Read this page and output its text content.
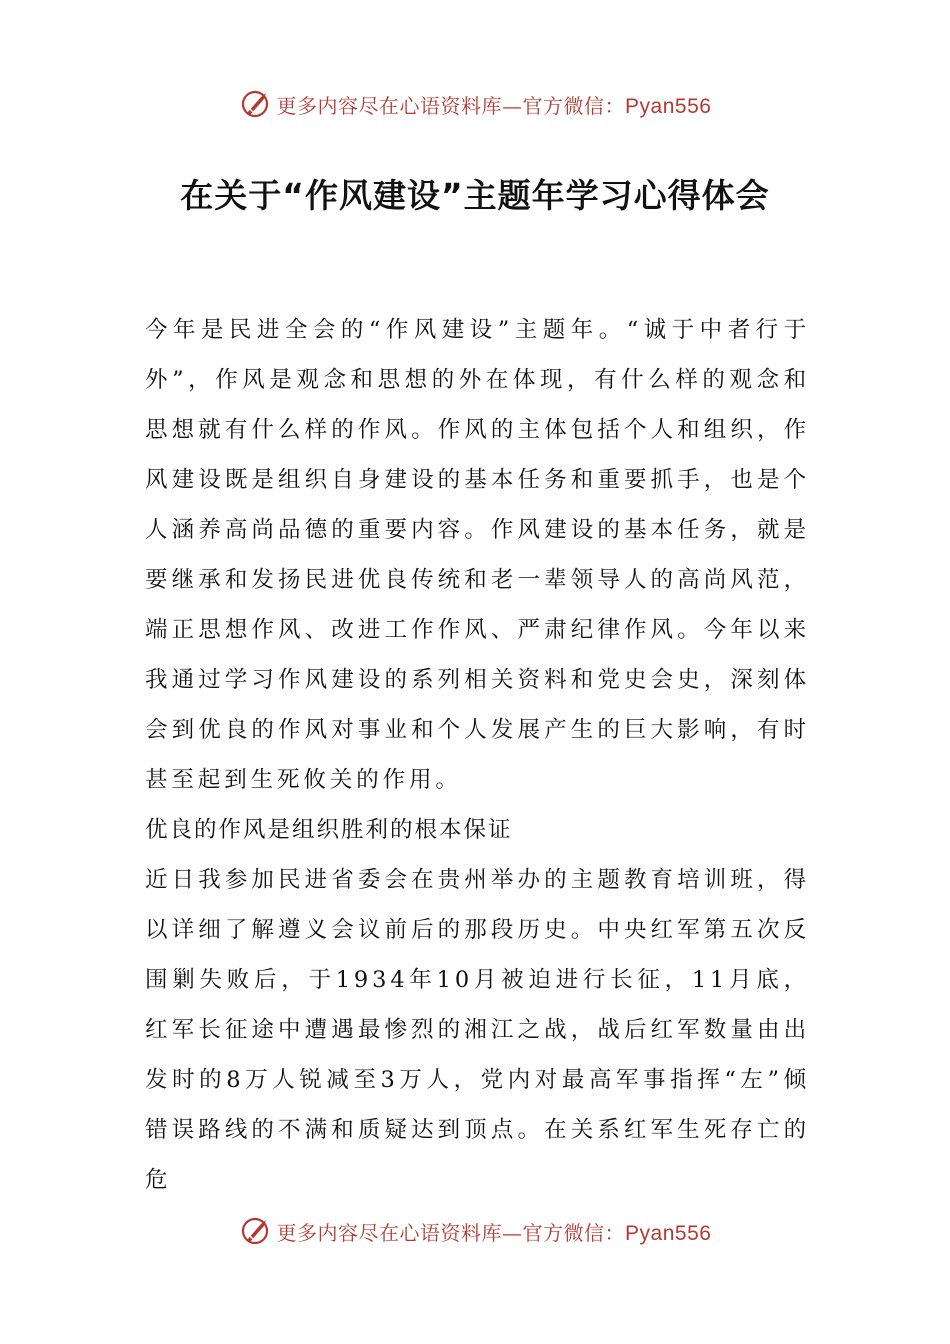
更多内容尽在心语资料库—官方微信：Pyan556
在关于“作风建设”主题年学习心得体会

今年是民进全会的“作风建设”主题年。“诚于中者行于外”，作风是观念和思想的外在体现，有什么样的观念和思想就有什么样的作风。作风的主体包括个人和组织，作风建设既是组织自身建设的基本任务和重要抓手，也是个人涵养高尚品德的重要内容。作风建设的基本任务，就是要继承和发扬民进优良传统和老一辈领导人的高尚风范，端正思想作风、改进工作作风、严肃纪律作风。今年以来我通过学习作风建设的系列相关资料和党史会史，深刻体会到优良的作风对事业和个人发展产生的巨大影响，有时甚至起到生死攸关的作用。

优良的作风是组织胜利的根本保证

近日我参加民进省委会在贵州举办的主题教育培训班，得以详细了解遵义会议前后的那段历史。中央红军第五次反围剿失败后，于1934年10月被迫进行长征，11月底，红军长征途中遭遇最惨烈的湘江之战，战后红军数量由出发时的8万人锐减至3万人，党内对最高军事指挥“左”倾错误路线的不满和质疑达到顶点。在关系红军生死存亡的危

更多内容尽在心语资料库—官方微信：Pyan556
